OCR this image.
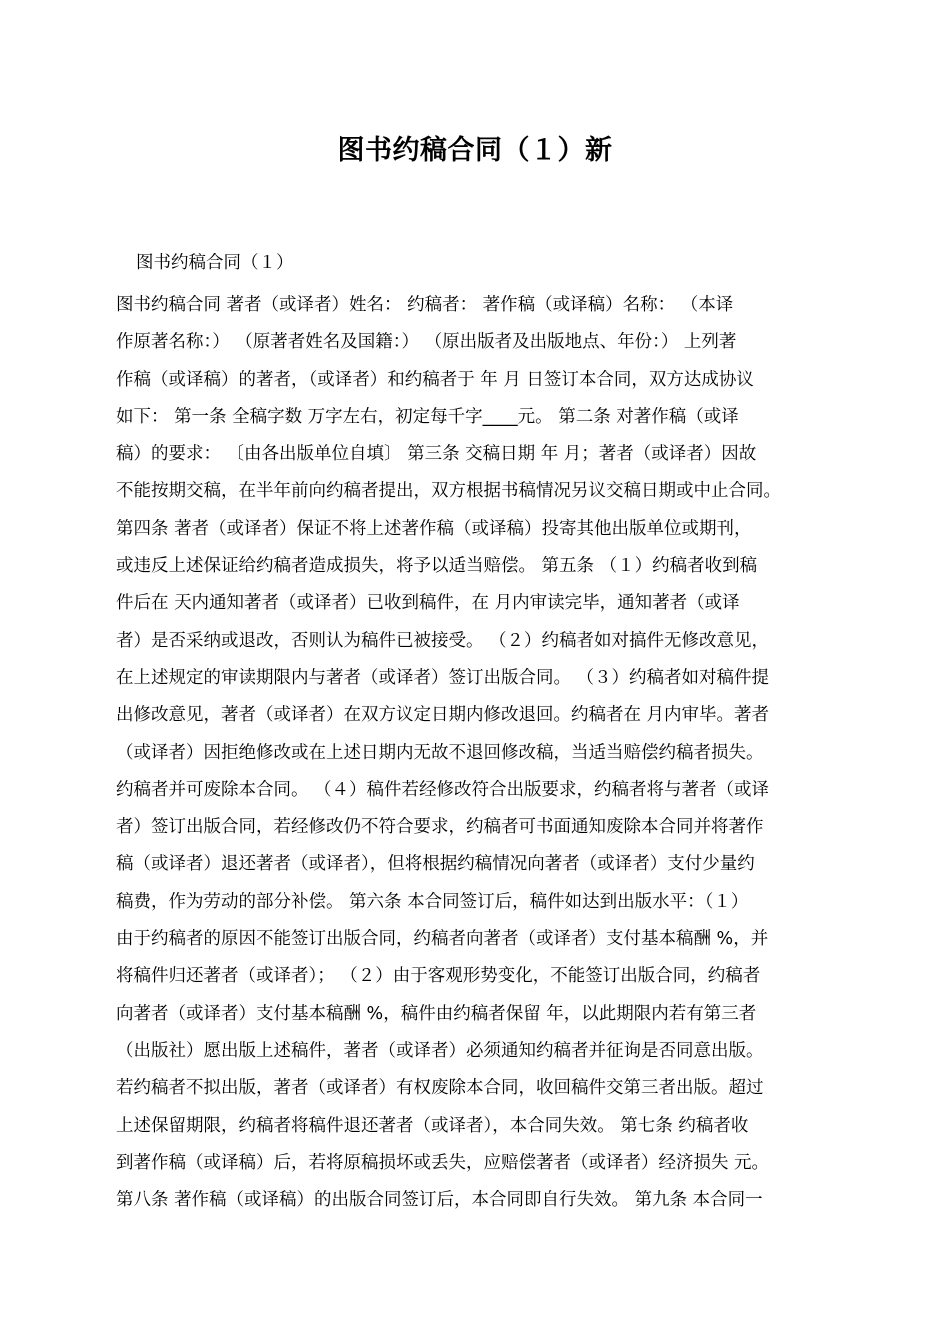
图书约稿合同（１）新
图书约稿合同（１）
图书约稿合同 著者（或译者）姓名： 约稿者： 著作稿（或译稿）名称： （本译
作原著名称：） （原著者姓名及国籍：） （原出版者及出版地点、年份：） 上列著
作稿（或译稿）的著者，（或译者）和约稿者于 年 月 日签订本合同，双方达成协议
如下： 第一条 全稿字数 万字左右，初定每千字____元。 第二条 对著作稿（或译
稿）的要求： 〔由各出版单位自填〕 第三条 交稿日期 年 月；著者（或译者）因故
不能按期交稿，在半年前向约稿者提出，双方根据书稿情况另议交稿日期或中止合同。
第四条 著者（或译者）保证不将上述著作稿（或译稿）投寄其他出版单位或期刊，
或违反上述保证给约稿者造成损失，将予以适当赔偿。 第五条 （１）约稿者收到稿
件后在 天内通知著者（或译者）已收到稿件，在 月内审读完毕，通知著者（或译
者）是否采纳或退改，否则认为稿件已被接受。 （２）约稿者如对搞件无修改意见，
在上述规定的审读期限内与著者（或译者）签订出版合同。 （３）约稿者如对稿件提
出修改意见，著者（或译者）在双方议定日期内修改退回。约稿者在 月内审毕。著者
（或译者）因拒绝修改或在上述日期内无故不退回修改稿，当适当赔偿约稿者损失。
约稿者并可废除本合同。 （４）稿件若经修改符合出版要求，约稿者将与著者（或译
者）签订出版合同，若经修改仍不符合要求，约稿者可书面通知废除本合同并将著作
稿（或译者）退还著者（或译者），但将根据约稿情况向著者（或译者）支付少量约
稿费，作为劳动的部分补偿。 第六条 本合同签订后，稿件如达到出版水平：（１）
由于约稿者的原因不能签订出版合同，约稿者向著者（或译者）支付基本稿酬 %，并
将稿件归还著者（或译者）； （２）由于客观形势变化，不能签订出版合同，约稿者
向著者（或译者）支付基本稿酬 %，稿件由约稿者保留 年，以此期限内若有第三者
（出版社）愿出版上述稿件，著者（或译者）必须通知约稿者并征询是否同意出版。
若约稿者不拟出版，著者（或译者）有权废除本合同，收回稿件交第三者出版。超过
上述保留期限，约稿者将稿件退还著者（或译者），本合同失效。 第七条 约稿者收
到著作稿（或译稿）后，若将原稿损坏或丢失，应赔偿著者（或译者）经济损失 元。
第八条 著作稿（或译稿）的出版合同签订后，本合同即自行失效。 第九条 本合同一
